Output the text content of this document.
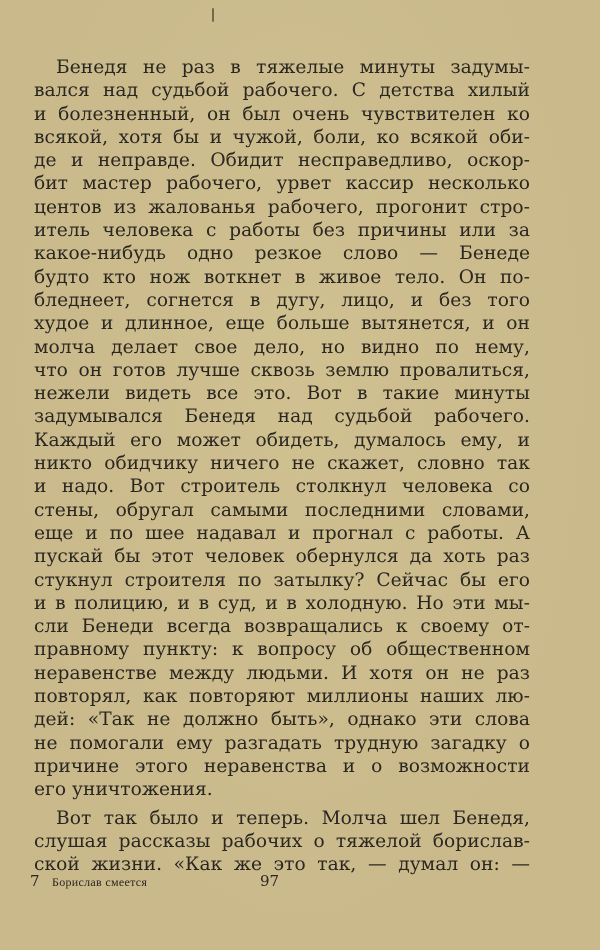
Бенедя не раз в тяжелые минуты задумы-
вался над судьбой рабочего. С детства хилый
и болезненный, он был очень чувствителен ко
всякой, хотя бы и чужой, боли, ко всякой оби-
де и неправде. Обидит несправедливо, оскор-
бит мастер рабочего, урвет кассир несколько
центов из жалованья рабочего, прогонит стро-
итель человека с работы без причины или за
какое-нибудь одно резкое слово — Бенеде
будто кто нож воткнет в живое тело. Он по-
бледнеет, согнется в дугу, лицо, и без того
худое и длинное, еще больше вытянется, и он
молча делает свое дело, но видно по нему,
что он готов лучше сквозь землю провалиться,
нежели видеть все это. Вот в такие минуты
задумывался Бенедя над судьбой рабочего.
Каждый его может обидеть, думалось ему, и
никто обидчику ничего не скажет, словно так
и надо. Вот строитель столкнул человека со
стены, обругал самыми последними словами,
еще и по шее надавал и прогнал с работы. А
пускай бы этот человек обернулся да хоть раз
стукнул строителя по затылку? Сейчас бы его
и в полицию, и в суд, и в холодную. Но эти мы-
сли Бенеди всегда возвращались к своему от-
правному пункту: к вопросу об общественном
неравенстве между людьми. И хотя он не раз
повторял, как повторяют миллионы наших лю-
дей: «Так не должно быть», однако эти слова
не помогали ему разгадать трудную загадку о
причине этого неравенства и о возможности
его уничтожения.
Вот так было и теперь. Молча шел Бенедя,
слушая рассказы рабочих о тяжелой борислав-
ской жизни. «Как же это так, — думал он: —
7 Борислав смеется	97
